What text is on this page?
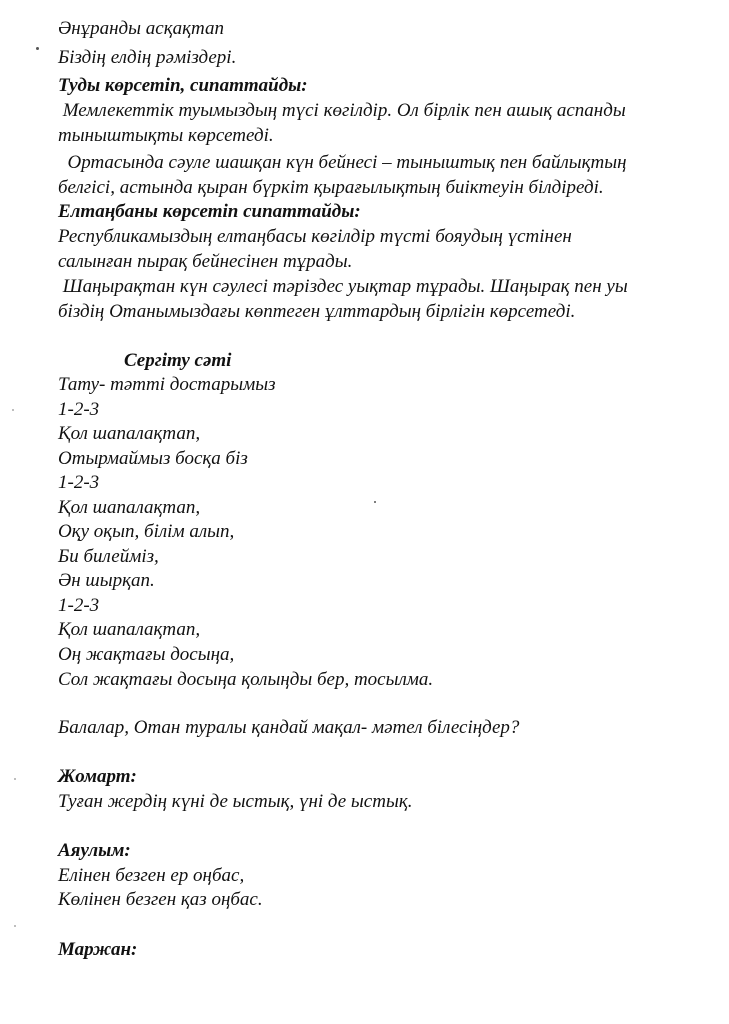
Әнұранды асқақтап
Біздің елдің рәміздері.
Туды көрсетіп, сипаттайды:
Мемлекеттік туымыздың түсі көгілдір. Ол бірлік пен ашық аспанды
тыныштықты көрсетеді.
Ортасында сәуле шашқан күн бейнесі – тыныштық пен байлықтың
белгісі, астында қыран бүркіт қырағылықтың биіктеуін білдіреді.
Елтаңбаны көрсетіп сипаттайды:
Республикамыздың елтаңбасы көгілдір түсті бояудың үстінен
салынған пырақ бейнесінен тұрады.
Шаңырақтан күн сәулесі тәріздес уықтар тұрады. Шаңырақ пен уы
біздің Отанымыздағы көптеген ұлттардың бірлігін көрсетеді.
Сергіту сәті
Тату- тәтті достарымыз
1-2-3
Қол шапалақтап,
Отырмаймыз босқа біз
1-2-3
Қол шапалақтап,
Оқу оқып, білім алып,
Би билейміз,
Ән шырқап.
1-2-3
Қол шапалақтап,
Оң жақтағы досыңа,
Сол жақтағы досыңа қолыңды бер, тосылма.
Балалар, Отан туралы қандай мақал- мәтел білесіңдер?
Жомарт:
Туған жердің күні де ыстық, үні де ыстық.
Аяулым:
Елінен безген ер оңбас,
Көлінен безген қаз оңбас.
Маржан:
